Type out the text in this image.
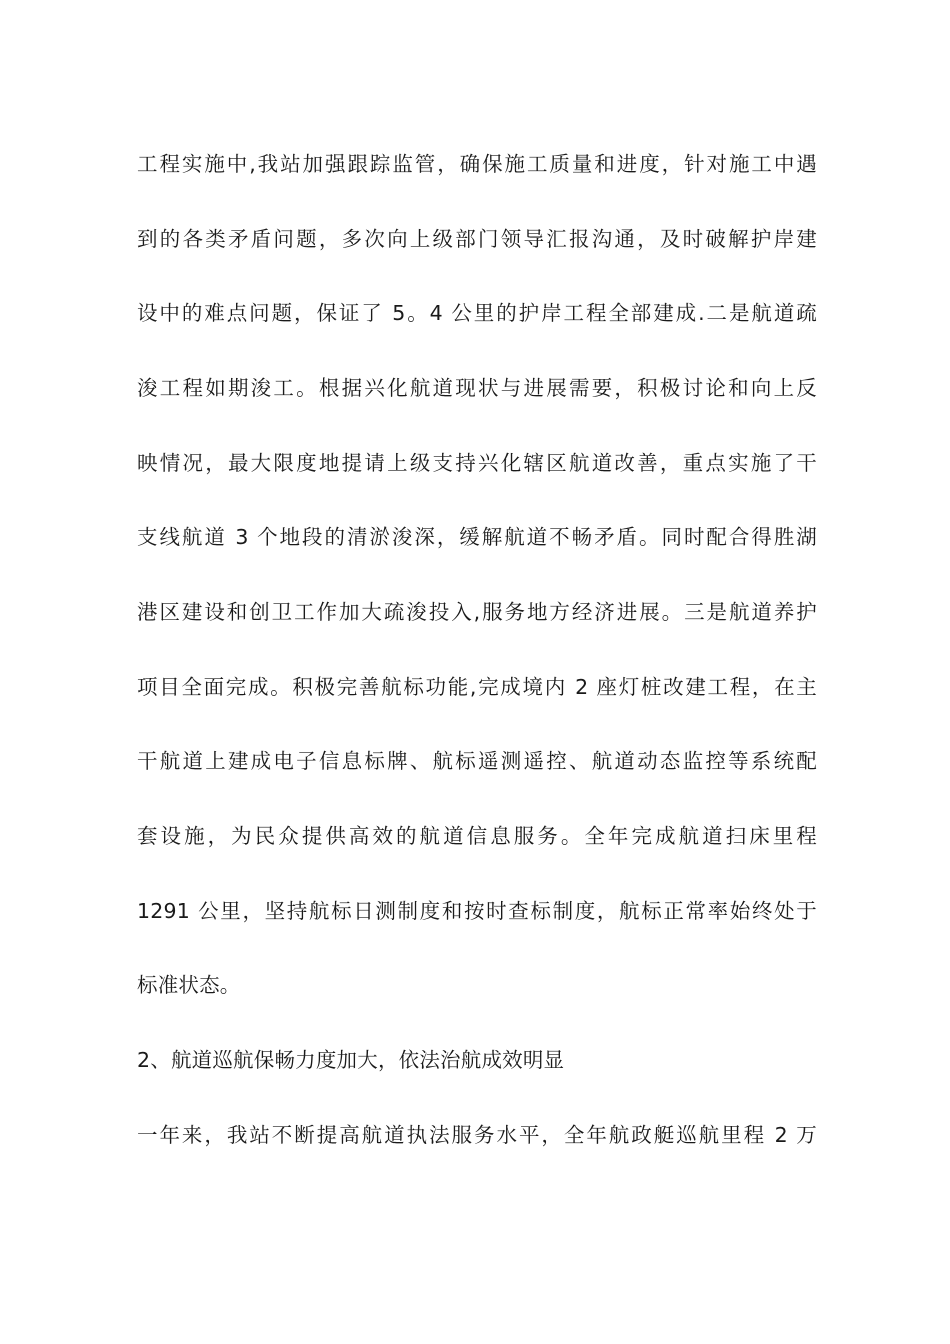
工程实施中,我站加强跟踪监管，确保施工质量和进度，针对施工中遇
到的各类矛盾问题，多次向上级部门领导汇报沟通，及时破解护岸建
设中的难点问题，保证了 5。4 公里的护岸工程全部建成.二是航道疏
浚工程如期浚工。根据兴化航道现状与进展需要，积极讨论和向上反
映情况，最大限度地提请上级支持兴化辖区航道改善，重点实施了干
支线航道 3 个地段的清淤浚深，缓解航道不畅矛盾。同时配合得胜湖
港区建设和创卫工作加大疏浚投入,服务地方经济进展。三是航道养护
项目全面完成。积极完善航标功能,完成境内 2 座灯桩改建工程，在主
干航道上建成电子信息标牌、航标遥测遥控、航道动态监控等系统配
套设施，为民众提供高效的航道信息服务。全年完成航道扫床里程
1291 公里，坚持航标日测制度和按时查标制度，航标正常率始终处于
标准状态。
2、航道巡航保畅力度加大，依法治航成效明显
一年来，我站不断提高航道执法服务水平，全年航政艇巡航里程 2 万
